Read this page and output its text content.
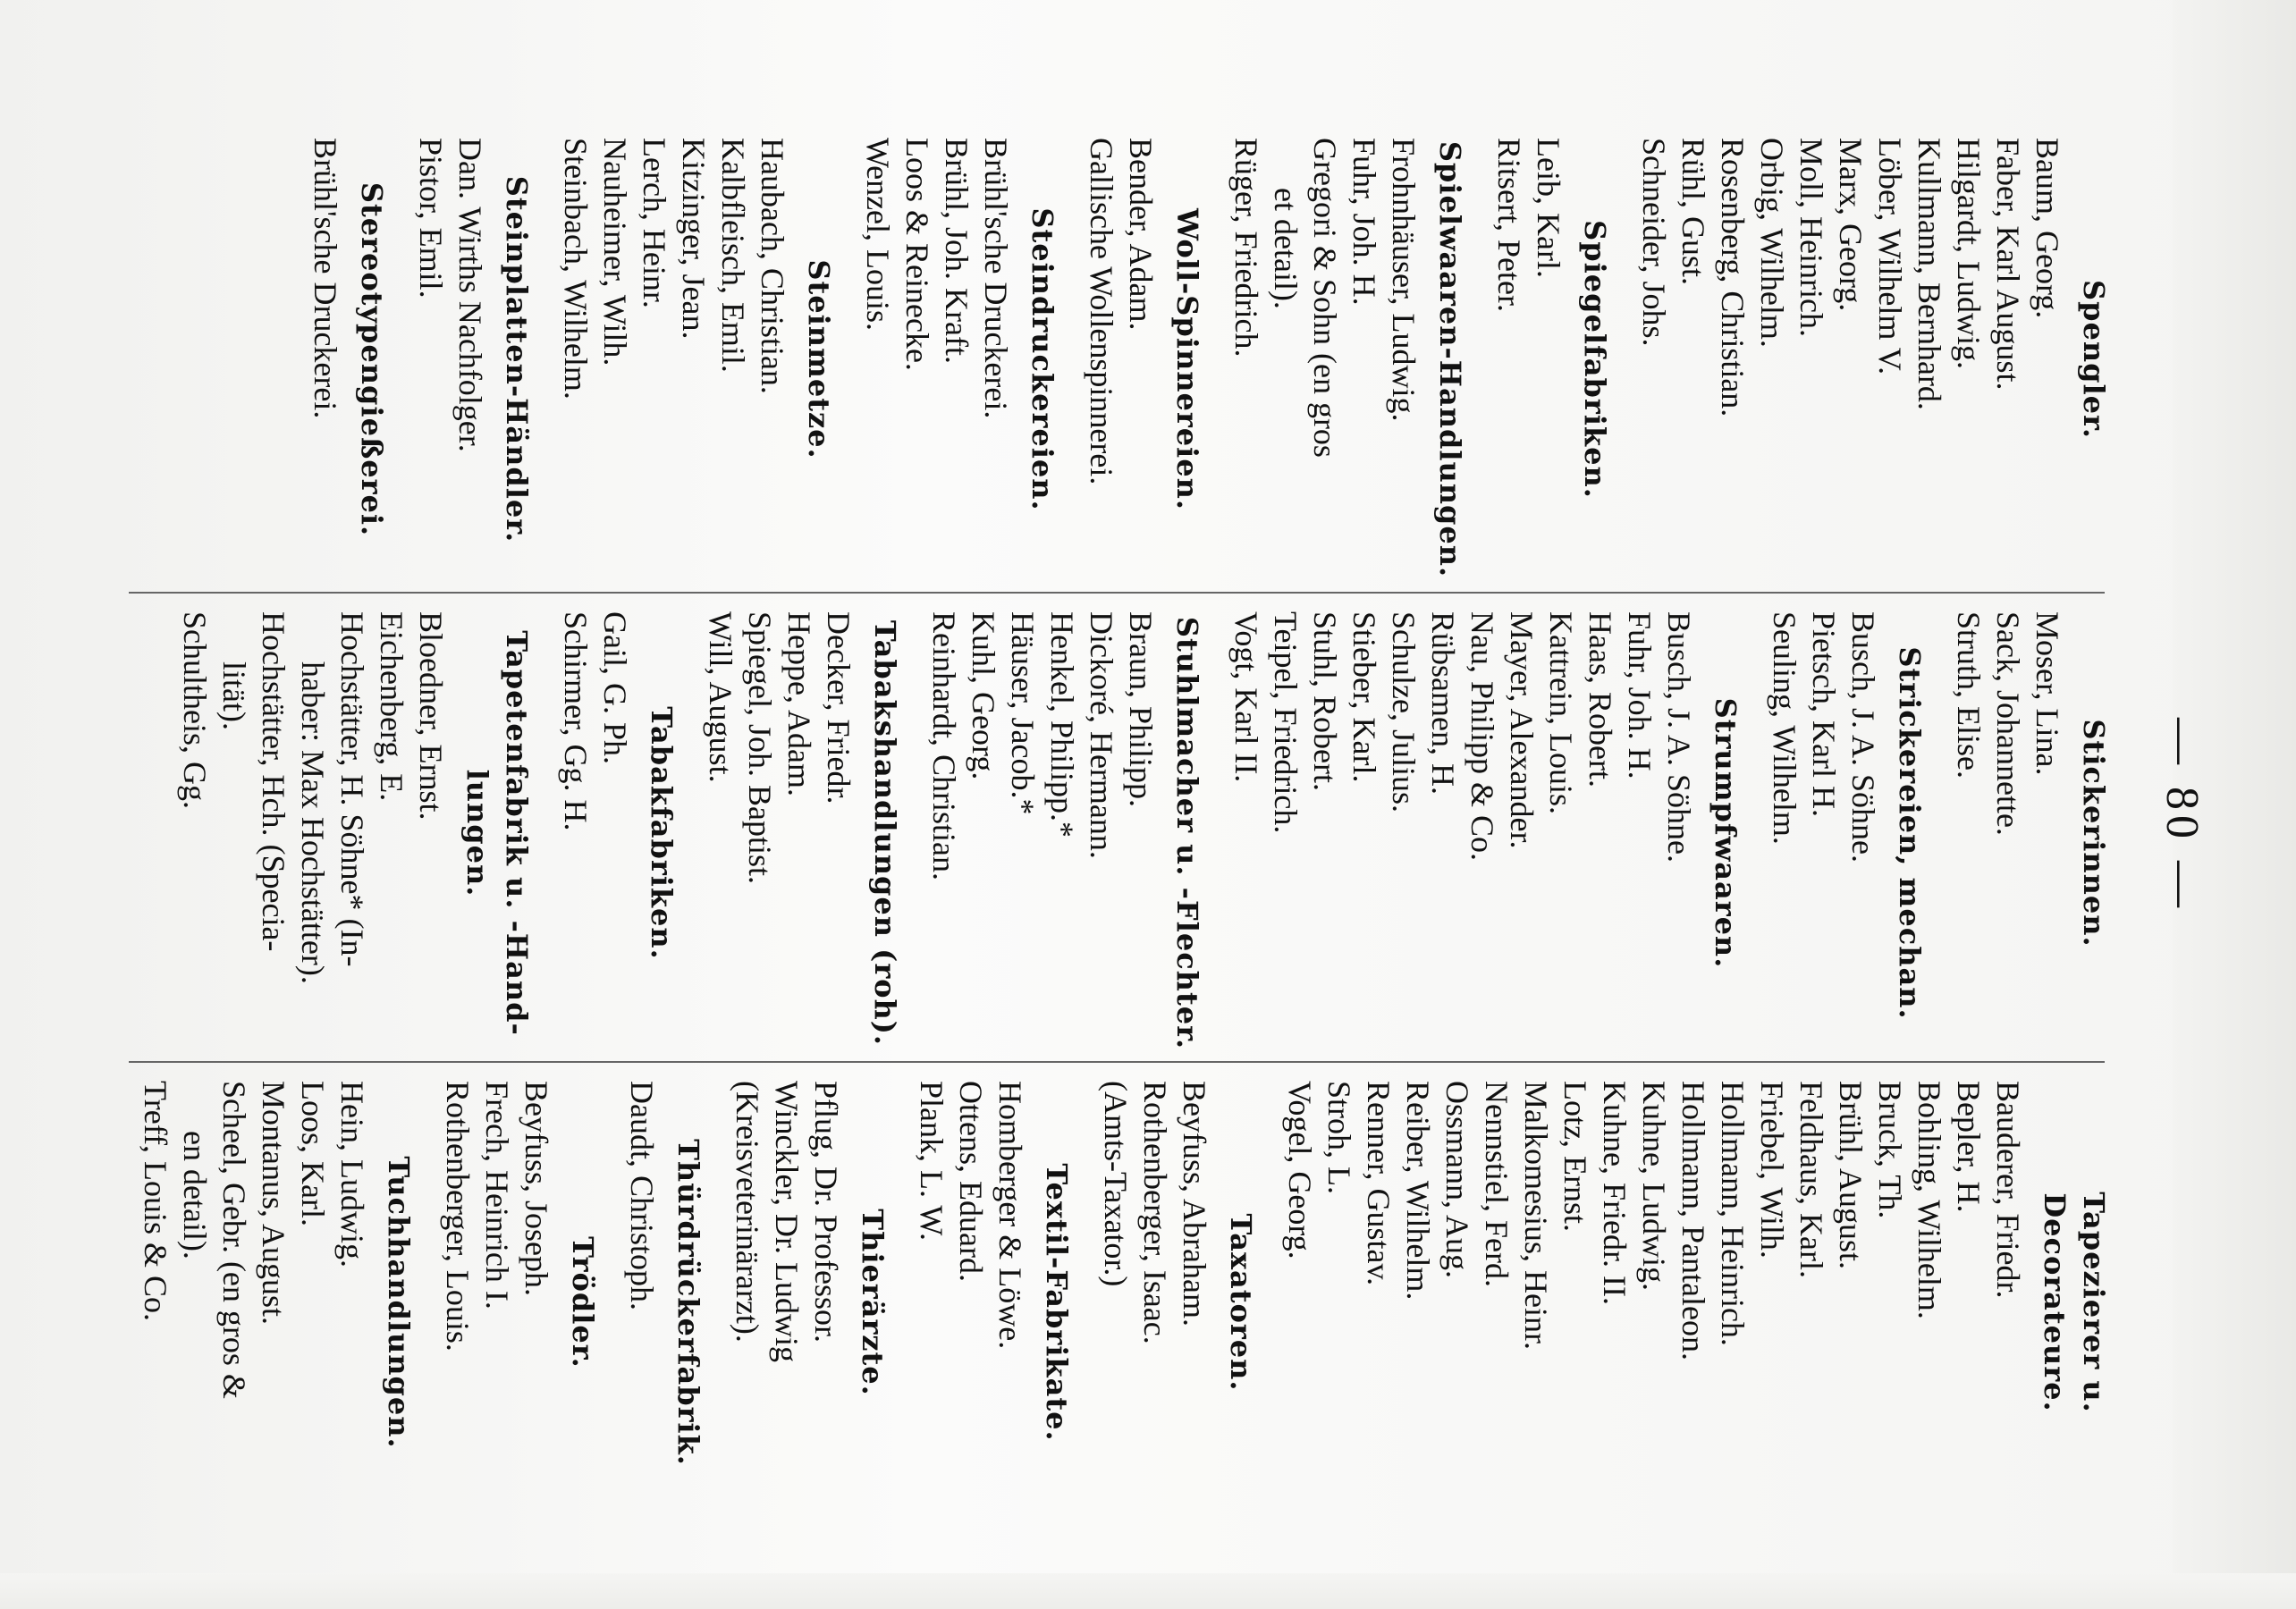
— 80 —
Spengler.
Baum, Georg.
Faber, Karl August.
Hilgardt, Ludwig.
Kullmann, Bernhard.
Löber, Wilhelm V.
Marx, Georg.
Moll, Heinrich.
Orbig, Wilhelm.
Rosenberg, Christian.
Rühl, Gust.
Schneider, Johs.
Spiegelfabriken.
Leib, Karl.
Ritsert, Peter.
Spielwaaren-Handlungen.
Frohnhäuser, Ludwig.
Fuhr, Joh. H.
Gregori & Sohn (en gros
et detail).
Rüger, Friedrich.
Woll-Spinnereien.
Bender, Adam.
Gallische Wollenspinnerei.
Steindruckereien.
Brühl'sche Druckerei.
Brühl, Joh. Kraft.
Loos & Reinecke.
Wenzel, Louis.
Steinmetze.
Haubach, Christian.
Kalbfleisch, Emil.
Kitzinger, Jean.
Lerch, Heinr.
Nauheimer, Wilh.
Steinbach, Wilhelm.
Steinplatten-Händler.
Dan. Wirths Nachfolger.
Pistor, Emil.
Stereotypengießerei.
Brühl'sche Druckerei.
Stickerinnen.
Moser, Lina.
Sack, Johannette.
Struth, Elise.
Strickereien, mechan.
Busch, J. A. Söhne.
Pietsch, Karl H.
Seuling, Wilhelm.
Strumpfwaaren.
Busch, J. A. Söhne.
Fuhr, Joh. H.
Haas, Robert.
Kattrein, Louis.
Mayer, Alexander.
Nau, Philipp & Co.
Rübsamen, H.
Schulze, Julius.
Stieber, Karl.
Stuhl, Robert.
Teipel, Friedrich.
Vogt, Karl II.
Stuhlmacher u. -Flechter.
Braun, Philipp.
Dickoré, Hermann.
Henkel, Philipp.*
Häuser, Jacob.*
Kuhl, Georg.
Reinhardt, Christian.
Tabakshandlungen (roh).
Decker, Friedr.
Heppe, Adam.
Spiegel, Joh. Baptist.
Will, August.
Tabakfabriken.
Gail, G. Ph.
Schirmer, Gg. H.
Tapetenfabrik u. -Hand-lungen.
Bloedner, Ernst.
Eichenberg, E.
Hochstätter, H. Söhne* (In-
haber: Max Hochstätter).
Hochstätter, Hch. (Specia-
lität).
Schultheis, Gg.
Tapezierer u. Decorateure.
Bauderer, Friedr.
Bepler, H.
Bohling, Wilhelm.
Bruck, Th.
Brühl, August.
Feldhaus, Karl.
Friebel, Wilh.
Hollmann, Heinrich.
Hollmann, Pantaleon.
Kuhne, Ludwig.
Kuhne, Friedr. II.
Lotz, Ernst.
Malkomesius, Heinr.
Nennstiel, Ferd.
Ossmann, Aug.
Reiber, Wilhelm.
Renner, Gustav.
Stroh, L.
Vogel, Georg.
Taxatoren.
Beyfuss, Abraham.
Rothenberger, Isaac.
(Amts-Taxator.)
Textil-Fabrikate.
Homberger & Löwe.
Ottens, Eduard.
Plank, L. W.
Thierärzte.
Pflug, Dr. Professor.
Winckler, Dr. Ludwig
(Kreisveterinärarzt).
Thürdrückerfabrik.
Daudt, Christoph.
Trödler.
Beyfuss, Joseph.
Frech, Heinrich I.
Rothenberger, Louis.
Tuchhandlungen.
Hein, Ludwig.
Loos, Karl.
Montanus, August.
Scheel, Gebr. (en gros &
en detail).
Treff, Louis & Co.
